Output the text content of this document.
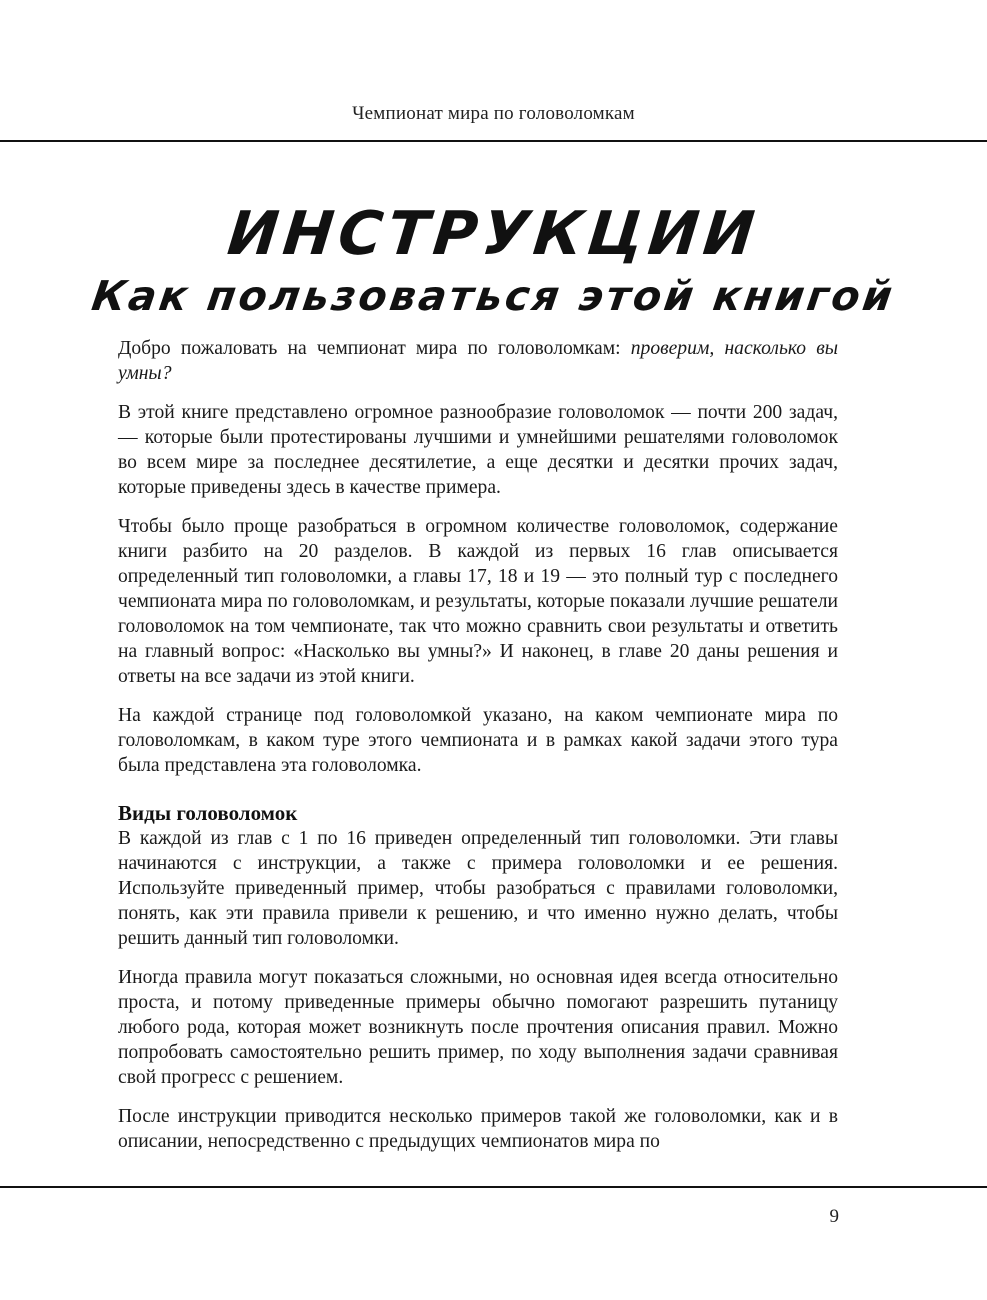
Чемпионат мира по головоломкам
ИНСТРУКЦИИ
Как пользоваться этой книгой

Добро пожаловать на чемпионат мира по головоломкам: проверим, насколько вы умны?

В этой книге представлено огромное разнообразие головоломок — почти 200 задач, — которые были протестированы лучшими и умнейшими решателями головоломок во всем мире за последнее десятилетие, а еще десятки и десятки прочих задач, которые приведены здесь в качестве примера.

Чтобы было проще разобраться в огромном количестве головоломок, содержание книги разбито на 20 разделов. В каждой из первых 16 глав описывается определенный тип головоломки, а главы 17, 18 и 19 — это полный тур с последнего чемпионата мира по головоломкам, и результаты, которые показали лучшие решатели головоломок на том чемпионате, так что можно сравнить свои результаты и ответить на главный вопрос: «Насколько вы умны?» И наконец, в главе 20 даны решения и ответы на все задачи из этой книги.

На каждой странице под головоломкой указано, на каком чемпионате мира по головоломкам, в каком туре этого чемпионата и в рамках какой задачи этого тура была представлена эта головоломка.

Виды головоломок

В каждой из глав с 1 по 16 приведен определенный тип головоломки. Эти главы начинаются с инструкции, а также с примера головоломки и ее решения. Используйте приведенный пример, чтобы разобраться с правилами головоломки, понять, как эти правила привели к решению, и что именно нужно делать, чтобы решить данный тип головоломки.

Иногда правила могут показаться сложными, но основная идея всегда относительно проста, и потому приведенные примеры обычно помогают разрешить путаницу любого рода, которая может возникнуть после прочтения описания правил. Можно попробовать самостоятельно решить пример, по ходу выполнения задачи сравнивая свой прогресс с решением.

После инструкции приводится несколько примеров такой же головоломки, как и в описании, непосредственно с предыдущих чемпионатов мира по

9
